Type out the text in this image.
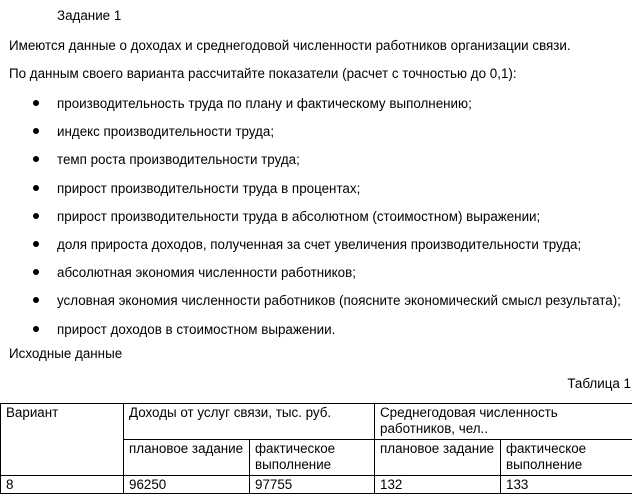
Задание 1
Имеются данные о доходах и среднегодовой численности работников организации связи.
По данным своего варианта рассчитайте показатели (расчет с точностью до 0,1):
производительность труда по плану и фактическому выполнению;
индекс производительности труда;
темп роста производительности труда;
прирост производительности труда в процентах;
прирост производительности труда в абсолютном (стоимостном) выражении;
доля прироста доходов, полученная за счет увеличения производительности труда;
абсолютная экономия численности работников;
условная экономия численности работников (поясните экономический смысл результата);
прирост доходов в стоимостном выражении.
Исходные данные
Таблица 1
Вариант	Доходы от услуг связи, тыс. руб.		Среднегодовая численность работников, чел..	
	плановое задание	фактическое выполнение	плановое задание	фактическое выполнение
8	96250	97755	132	133
